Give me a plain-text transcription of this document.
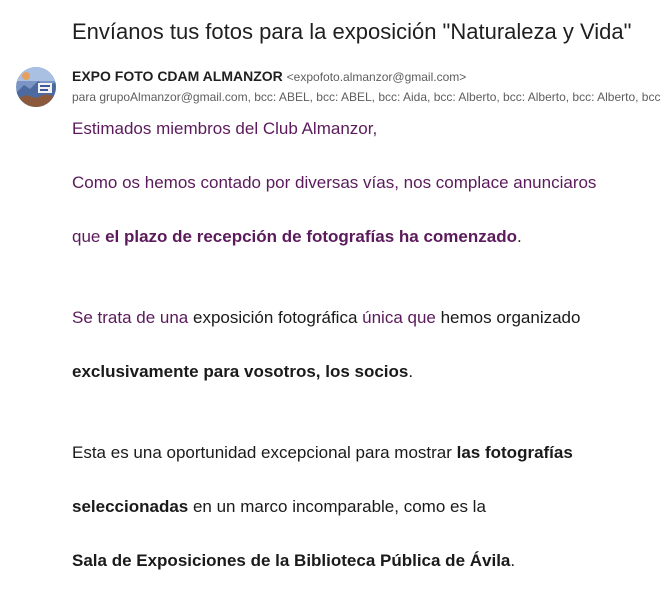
Envíanos tus fotos para la exposición "Naturaleza y Vida"
EXPO FOTO CDAM ALMANZOR <expofoto.almanzor@gmail.com>
para grupoAlmanzor@gmail.com, bcc: ABEL, bcc: ABEL, bcc: Aida, bcc: Alberto, bcc: Alberto, bcc: Alberto, bcc
Estimados miembros del Club Almanzor,
Como os hemos contado por diversas vías, nos complace anunciaros
que el plazo de recepción de fotografías ha comenzado.
Se trata de una exposición fotográfica única que hemos organizado
exclusivamente para vosotros, los socios.
Esta es una oportunidad excepcional para mostrar las fotografías
seleccionadas en un marco incomparable, como es la
Sala de Exposiciones de la Biblioteca Pública de Ávila.
